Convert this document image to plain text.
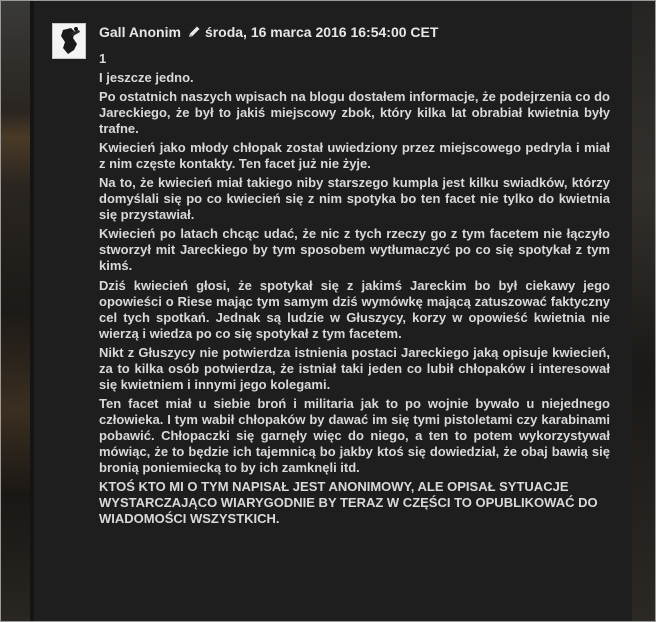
Gall Anonim środa, 16 marca 2016 16:54:00 CET

1

I jeszcze jedno.

Po ostatnich naszych wpisach na blogu dostałem informacje, że podejrzenia co do Jareckiego, że był to jakiś miejscowy zbok, który kilka lat obrabiał kwietnia były trafne.

Kwiecień jako młody chłopak został uwiedziony przez miejscowego pedryla i miał z nim częste kontakty. Ten facet już nie żyje.

Na to, że kwiecień miał takiego niby starszego kumpla jest kilku swiadków, którzy domyślali się po co kwiecień się z nim spotyka bo ten facet nie tylko do kwietnia się przystawiał.

Kwiecień po latach chcąc udać, że nic z tych rzeczy go z tym facetem nie łączyło stworzył mit Jareckiego by tym sposobem wytłumaczyć po co się spotykał z tym kimś.

Dziś kwiecień głosi, że spotykał się z jakimś Jareckim bo był ciekawy jego opowieści o Riese mając tym samym dziś wymówkę mającą zatuszować faktyczny cel tych spotkań. Jednak są ludzie w Głuszycy, korzy w opowieść kwietnia nie wierzą i wiedza po co się spotykał z tym facetem.

Nikt z Głuszycy nie potwierdza istnienia postaci Jareckiego jaką opisuje kwiecień, za to kilka osób potwierdza, że istniał taki jeden co lubił chłopaków i interesował się kwietniem i innymi jego kolegami.

Ten facet miał u siebie broń i militaria jak to po wojnie bywało u niejednego człowieka. I tym wabił chłopaków by dawać im się tymi pistoletami czy karabinami pobawić. Chłopaczki się garnęły więc do niego, a ten to potem wykorzystywał mówiąc, że to będzie ich tajemnicą bo jakby ktoś się dowiedział, że obaj bawią się bronią poniemiecką to by ich zamknęli itd.

KTOŚ KTO MI O TYM NAPISAŁ JEST ANONIMOWY, ALE OPISAŁ SYTUACJE WYSTARCZAJĄCO WIARYGODNIE BY TERAZ W CZĘŚCI TO OPUBLIKOWAĆ DO WIADOMOŚCI WSZYSTKICH.
